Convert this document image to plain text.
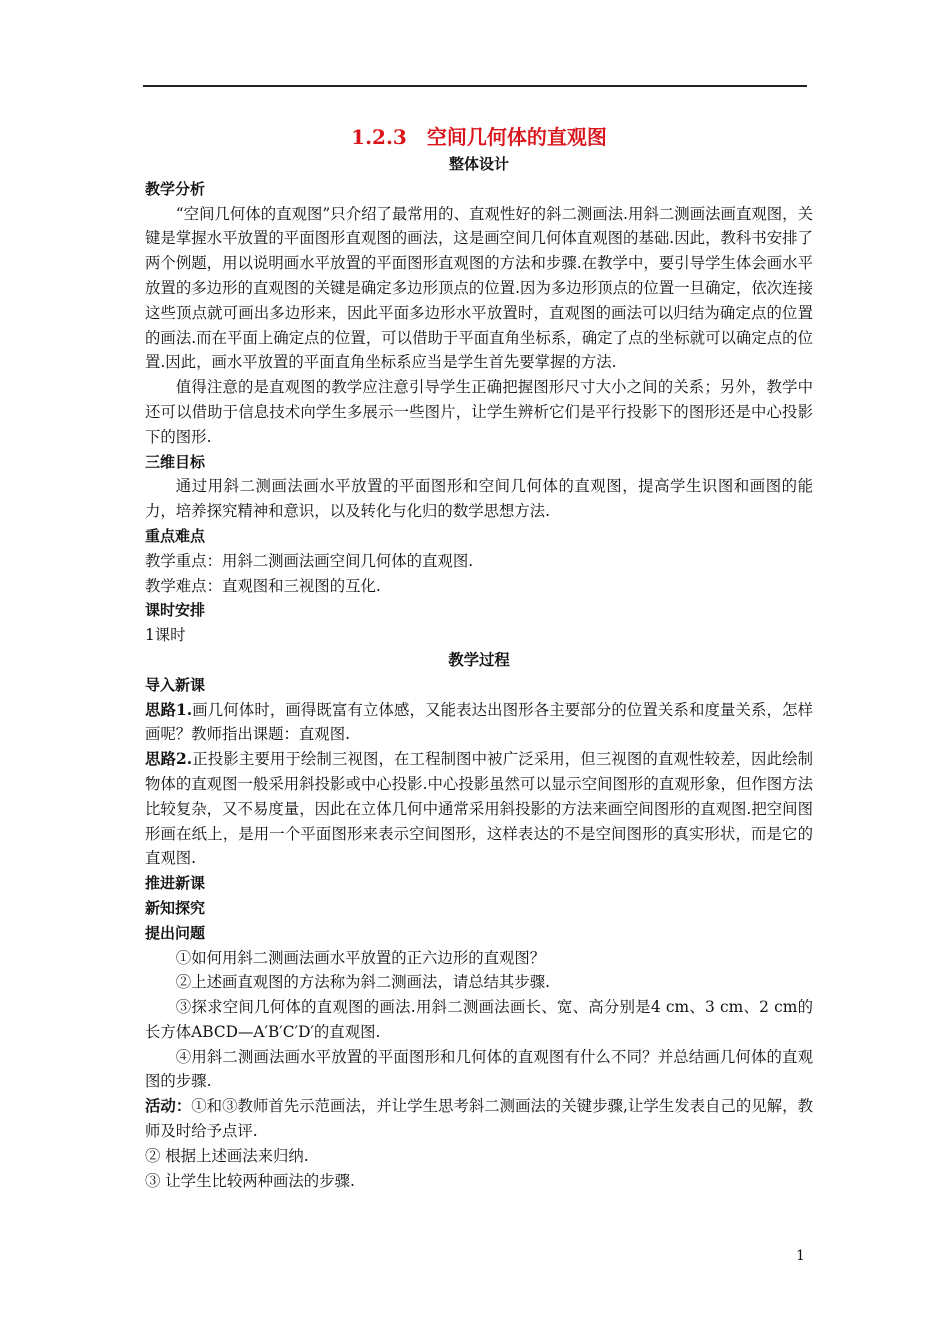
1.2.3　空间几何体的直观图
整体设计
教学分析

“空间几何体的直观图”只介绍了最常用的、直观性好的斜二测画法.用斜二测画法画直观图，关键是掌握水平放置的平面图形直观图的画法，这是画空间几何体直观图的基础.因此，教科书安排了两个例题，用以说明画水平放置的平面图形直观图的方法和步骤.在教学中，要引导学生体会画水平放置的多边形的直观图的关键是确定多边形顶点的位置.因为多边形顶点的位置一旦确定，依次连接这些顶点就可画出多边形来，因此平面多边形水平放置时，直观图的画法可以归结为确定点的位置的画法.而在平面上确定点的位置，可以借助于平面直角坐标系，确定了点的坐标就可以确定点的位置.因此，画水平放置的平面直角坐标系应当是学生首先要掌握的方法.

值得注意的是直观图的教学应注意引导学生正确把握图形尺寸大小之间的关系；另外，教学中还可以借助于信息技术向学生多展示一些图片，让学生辨析它们是平行投影下的图形还是中心投影下的图形.

三维目标

通过用斜二测画法画水平放置的平面图形和空间几何体的直观图，提高学生识图和画图的能力，培养探究精神和意识，以及转化与化归的数学思想方法.

重点难点

教学重点：用斜二测画法画空间几何体的直观图.

教学难点：直观图和三视图的互化.

课时安排

1课时

教学过程
导入新课

思路1.画几何体时，画得既富有立体感，又能表达出图形各主要部分的位置关系和度量关系，怎样画呢？教师指出课题：直观图.

思路2.正投影主要用于绘制三视图，在工程制图中被广泛采用，但三视图的直观性较差，因此绘制物体的直观图一般采用斜投影或中心投影.中心投影虽然可以显示空间图形的直观形象，但作图方法比较复杂，又不易度量，因此在立体几何中通常采用斜投影的方法来画空间图形的直观图.把空间图形画在纸上，是用一个平面图形来表示空间图形，这样表达的不是空间图形的真实形状，而是它的直观图.

推进新课
新知探究
提出问题

①如何用斜二测画法画水平放置的正六边形的直观图？

②上述画直观图的方法称为斜二测画法，请总结其步骤.

③探求空间几何体的直观图的画法.用斜二测画法画长、宽、高分别是4 cm、3 cm、2 cm的长方体ABCD—A′B′C′D′的直观图.

④用斜二测画法画水平放置的平面图形和几何体的直观图有什么不同？并总结画几何体的直观图的步骤.

活动：①和③教师首先示范画法，并让学生思考斜二测画法的关键步骤,让学生发表自己的见解，教师及时给予点评.

② 根据上述画法来归纳.

③ 让学生比较两种画法的步骤.

1
